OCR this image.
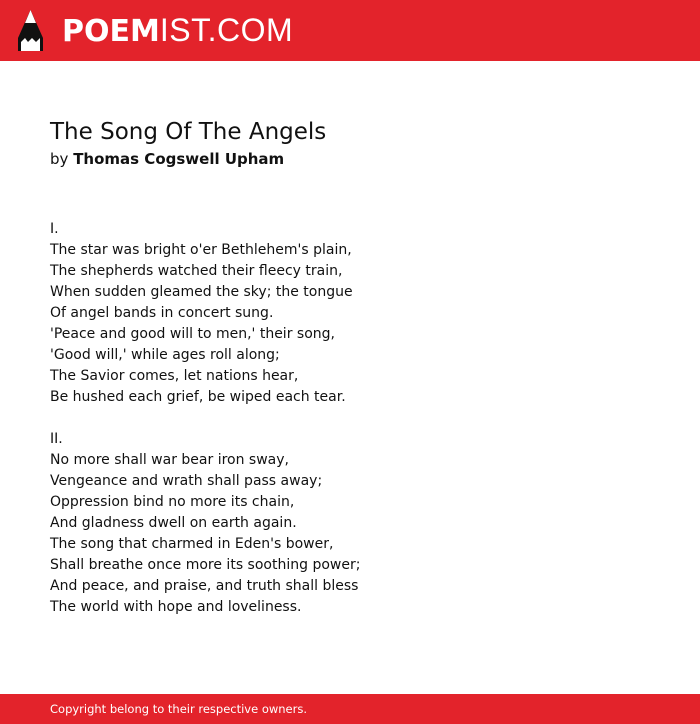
POEMIST.COM
The Song Of The Angels
by Thomas Cogswell Upham
I.
The star was bright o'er Bethlehem's plain,
The shepherds watched their fleecy train,
When sudden gleamed the sky; the tongue
Of angel bands in concert sung.
'Peace and good will to men,' their song,
'Good will,' while ages roll along;
The Savior comes, let nations hear,
Be hushed each grief, be wiped each tear.
II.
No more shall war bear iron sway,
Vengeance and wrath shall pass away;
Oppression bind no more its chain,
And gladness dwell on earth again.
The song that charmed in Eden's bower,
Shall breathe once more its soothing power;
And peace, and praise, and truth shall bless
The world with hope and loveliness.
Copyright belong to their respective owners.
